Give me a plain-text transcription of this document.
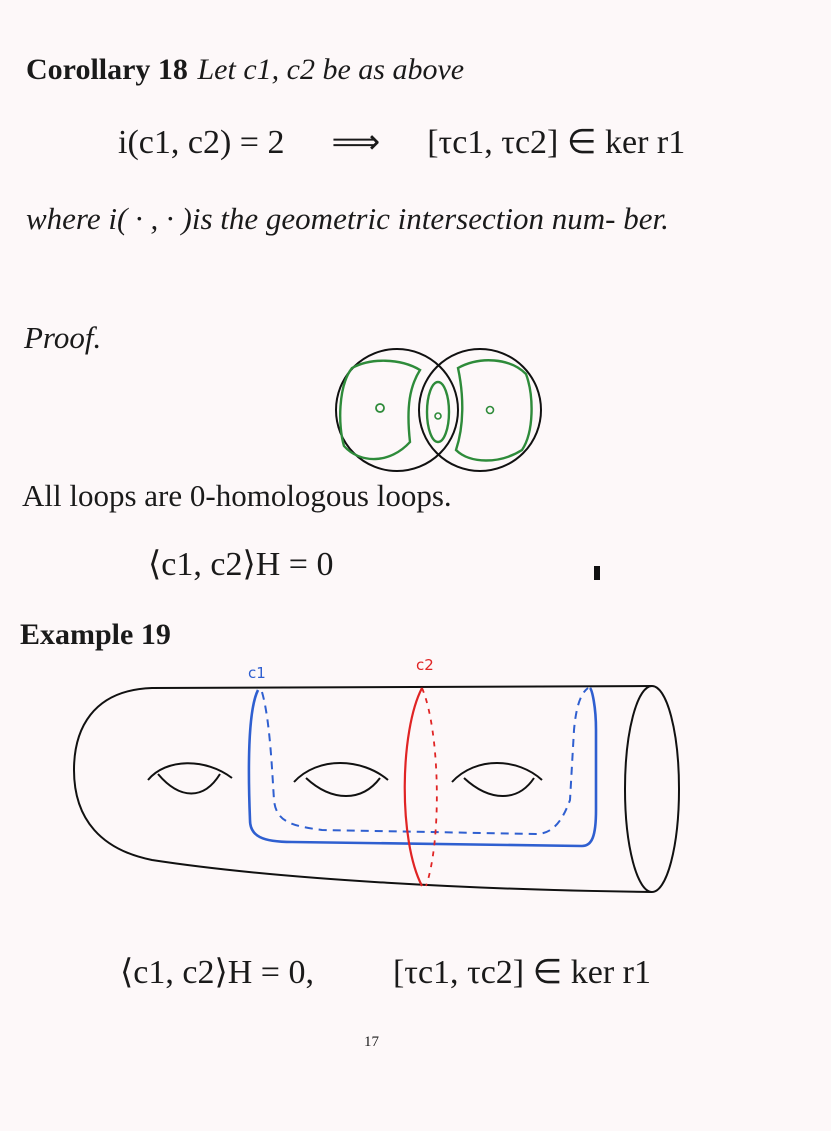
Corollary 18 Let c1, c2 be as above
i(c1, c2) = 2 ⟹ [τc1, τc2] ∈ ker r1
where i( · , · )is the geometric intersection num- ber.
Proof.
All loops are 0-homologous loops.
⟨c1, c2⟩H = 0
Example 19
c1	c2
⟨c1, c2⟩H = 0, [τc1, τc2] ∈ ker r1
17
